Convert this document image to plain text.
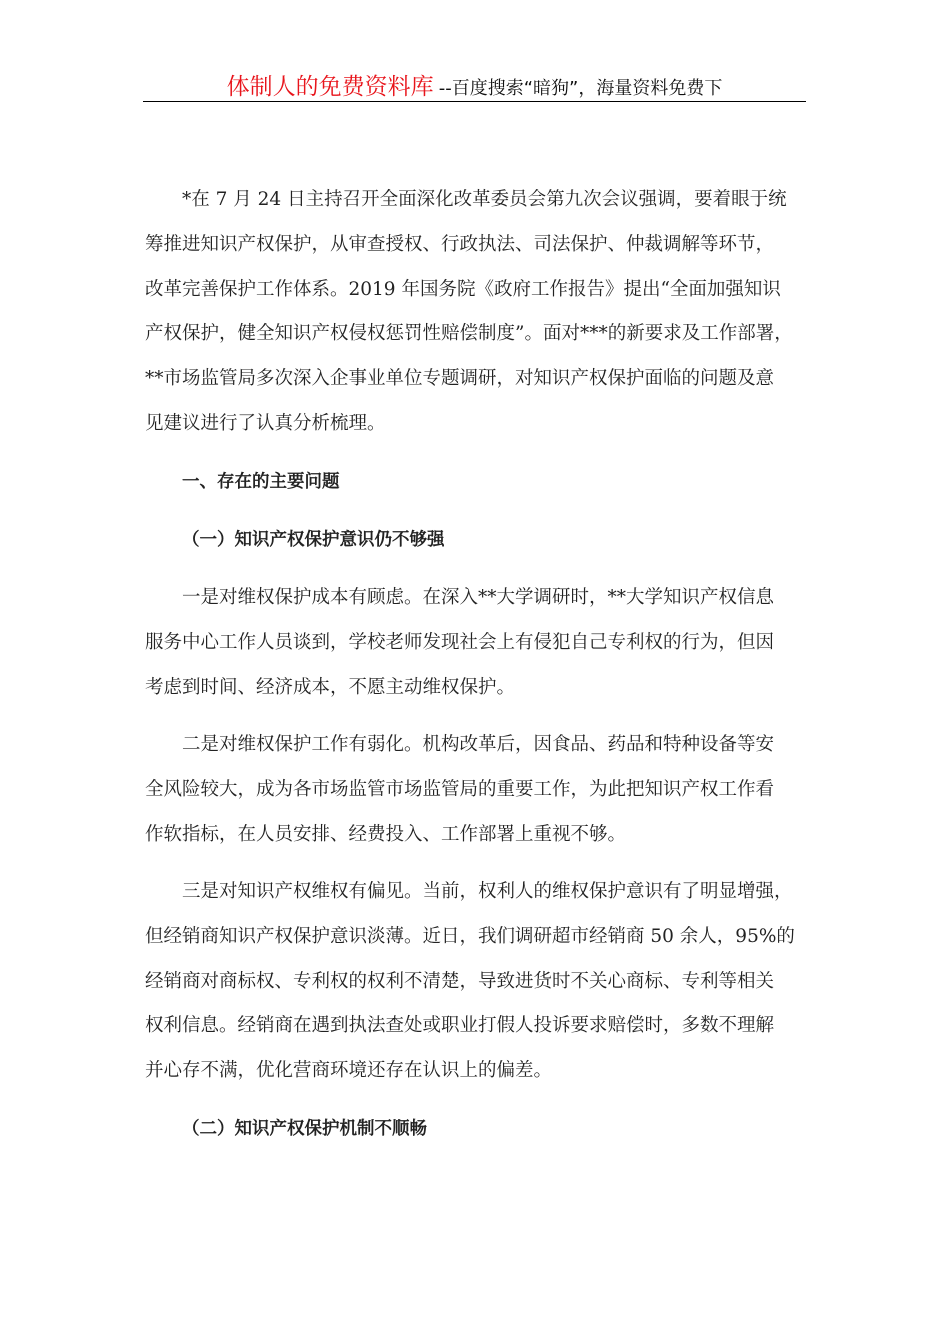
体制人的免费资料库 --百度搜索“暗狗”，海量资料免费下
*在 7 月 24 日主持召开全面深化改革委员会第九次会议强调，要着眼于统
筹推进知识产权保护，从审查授权、行政执法、司法保护、仲裁调解等环节，
改革完善保护工作体系。2019 年国务院《政府工作报告》提出“全面加强知识
产权保护，健全知识产权侵权惩罚性赔偿制度”。面对***的新要求及工作部署，
**市场监管局多次深入企事业单位专题调研，对知识产权保护面临的问题及意
见建议进行了认真分析梳理。
一、存在的主要问题
（一）知识产权保护意识仍不够强
一是对维权保护成本有顾虑。在深入**大学调研时，**大学知识产权信息
服务中心工作人员谈到，学校老师发现社会上有侵犯自己专利权的行为，但因
考虑到时间、经济成本，不愿主动维权保护。
二是对维权保护工作有弱化。机构改革后，因食品、药品和特种设备等安
全风险较大，成为各市场监管市场监管局的重要工作，为此把知识产权工作看
作软指标，在人员安排、经费投入、工作部署上重视不够。
三是对知识产权维权有偏见。当前，权利人的维权保护意识有了明显增强，
但经销商知识产权保护意识淡薄。近日，我们调研超市经销商 50 余人，95%的
经销商对商标权、专利权的权利不清楚，导致进货时不关心商标、专利等相关
权利信息。经销商在遇到执法查处或职业打假人投诉要求赔偿时，多数不理解
并心存不满，优化营商环境还存在认识上的偏差。
（二）知识产权保护机制不顺畅
